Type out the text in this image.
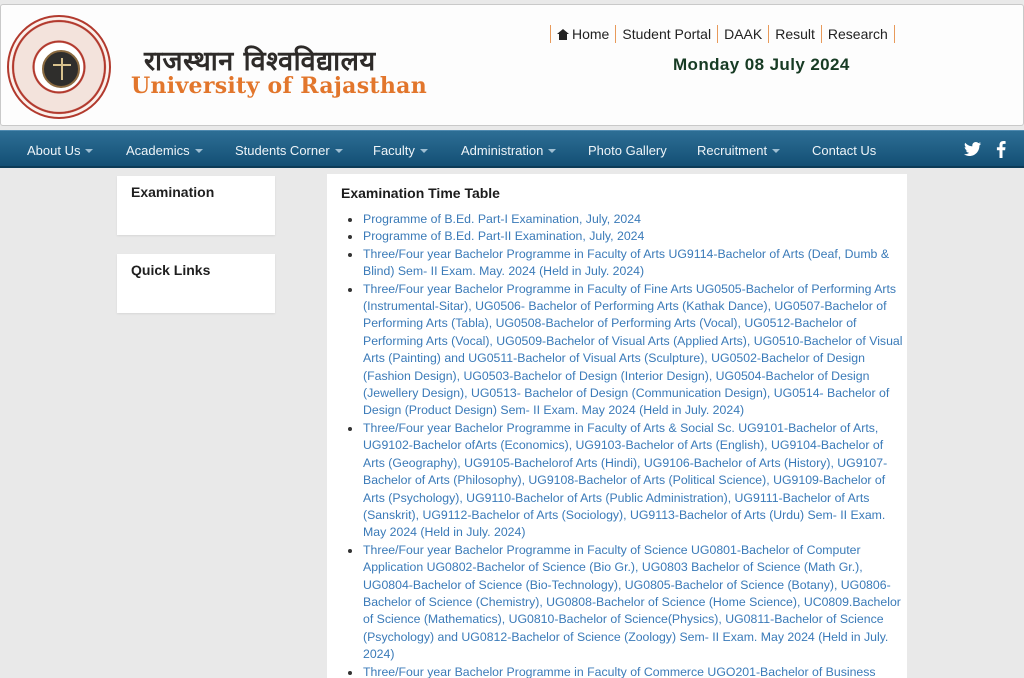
राजस्थान विश्वविद्यालय
University of Rajasthan
Home Student Portal DAAK Result Research
Monday 08 July 2024
About Us	Academics	Students Corner	Faculty	Administration	Photo Gallery Recruitment	Contact Us
Examination
Quick Links
Examination Time Table
Programme of B.Ed. Part-I Examination, July, 2024
Programme of B.Ed. Part-II Examination, July, 2024
Three/Four year Bachelor Programme in Faculty of Arts UG9114-Bachelor of Arts (Deaf, Dumb & Blind) Sem- II Exam. May. 2024 (Held in July. 2024)
Three/Four year Bachelor Programme in Faculty of Fine Arts UG0505-Bachelor of Performing Arts (Instrumental-Sitar), UG0506- Bachelor of Performing Arts (Kathak Dance), UG0507-Bachelor of Performing Arts (Tabla), UG0508-Bachelor of Performing Arts (Vocal), UG0512-Bachelor of Performing Arts (Vocal), UG0509-Bachelor of Visual Arts (Applied Arts), UG0510-Bachelor of Visual Arts (Painting) and UG0511-Bachelor of Visual Arts (Sculpture), UG0502-Bachelor of Design (Fashion Design), UG0503-Bachelor of Design (Interior Design), UG0504-Bachelor of Design (Jewellery Design), UG0513- Bachelor of Design (Communication Design), UG0514- Bachelor of Design (Product Design) Sem- II Exam. May 2024 (Held in July. 2024)
Three/Four year Bachelor Programme in Faculty of Arts & Social Sc. UG9101-Bachelor of Arts, UG9102-Bachelor ofArts (Economics), UG9103-Bachelor of Arts (English), UG9104-Bachelor of Arts (Geography), UG9105-Bachelorof Arts (Hindi), UG9106-Bachelor of Arts (History), UG9107-Bachelor of Arts (Philosophy), UG9108-Bachelor of Arts (Political Science), UG9109-Bachelor of Arts (Psychology), UG9110-Bachelor of Arts (Public Administration), UG9111-Bachelor of Arts (Sanskrit), UG9112-Bachelor of Arts (Sociology), UG9113-Bachelor of Arts (Urdu) Sem- II Exam. May 2024 (Held in July. 2024)
Three/Four year Bachelor Programme in Faculty of Science UG0801-Bachelor of Computer Application UG0802-Bachelor of Science (Bio Gr.), UG0803 Bachelor of Science (Math Gr.), UG0804-Bachelor of Science (Bio-Technology), UG0805-Bachelor of Science (Botany), UG0806-Bachelor of Science (Chemistry), UG0808-Bachelor of Science (Home Science), UC0809.Bachelor of Science (Mathematics), UG0810-Bachelor of Science(Physics), UG0811-Bachelor of Science (Psychology) and UG0812-Bachelor of Science (Zoology) Sem- II Exam. May 2024 (Held in July. 2024)
Three/Four year Bachelor Programme in Faculty of Commerce UGO201-Bachelor of Business
